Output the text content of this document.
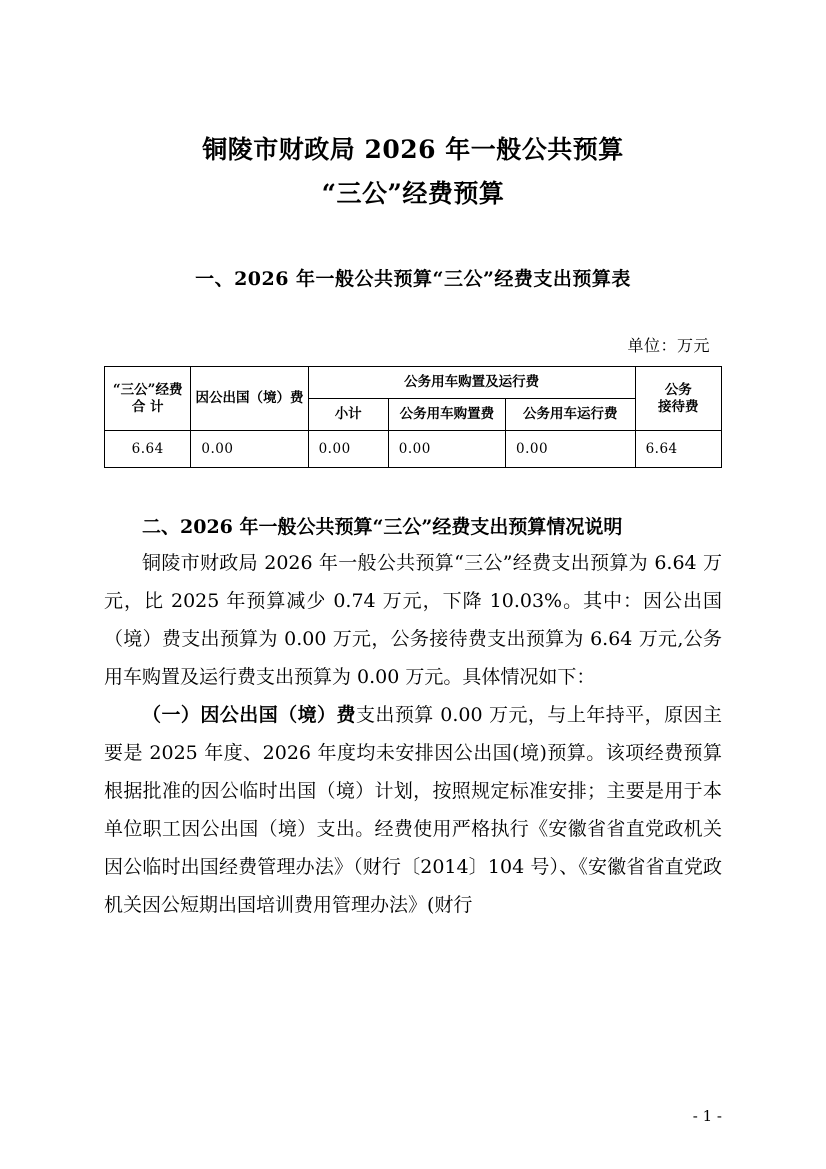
铜陵市财政局 2026 年一般公共预算
“三公”经费预算
一、2026 年一般公共预算“三公”经费支出预算表
单位：万元
“三公”经费
合 计	因公出国（境）费	公务用车购置及运行费			公务
接待费

		小计	公务用车购置费	公务用车运行费	
6.64	0.00	0.00	0.00	0.00	6.64
二、2026 年一般公共预算“三公”经费支出预算情况说明

铜陵市财政局 2026 年一般公共预算“三公”经费支出预算为 6.64 万元，比 2025 年预算减少 0.74 万元，下降 10.03%。其中：因公出国（境）费支出预算为 0.00 万元，公务接待费支出预算为 6.64 万元,公务用车购置及运行费支出预算为 0.00 万元。具体情况如下：

（一）因公出国（境）费支出预算 0.00 万元，与上年持平，原因主要是 2025 年度、2026 年度均未安排因公出国(境)预算。该项经费预算根据批准的因公临时出国（境）计划，按照规定标准安排；主要是用于本单位职工因公出国（境）支出。经费使用严格执行《安徽省省直党政机关因公临时出国经费管理办法》（财行〔2014〕104 号）、《安徽省省直党政机关因公短期出国培训费用管理办法》(财行

- 1 -
